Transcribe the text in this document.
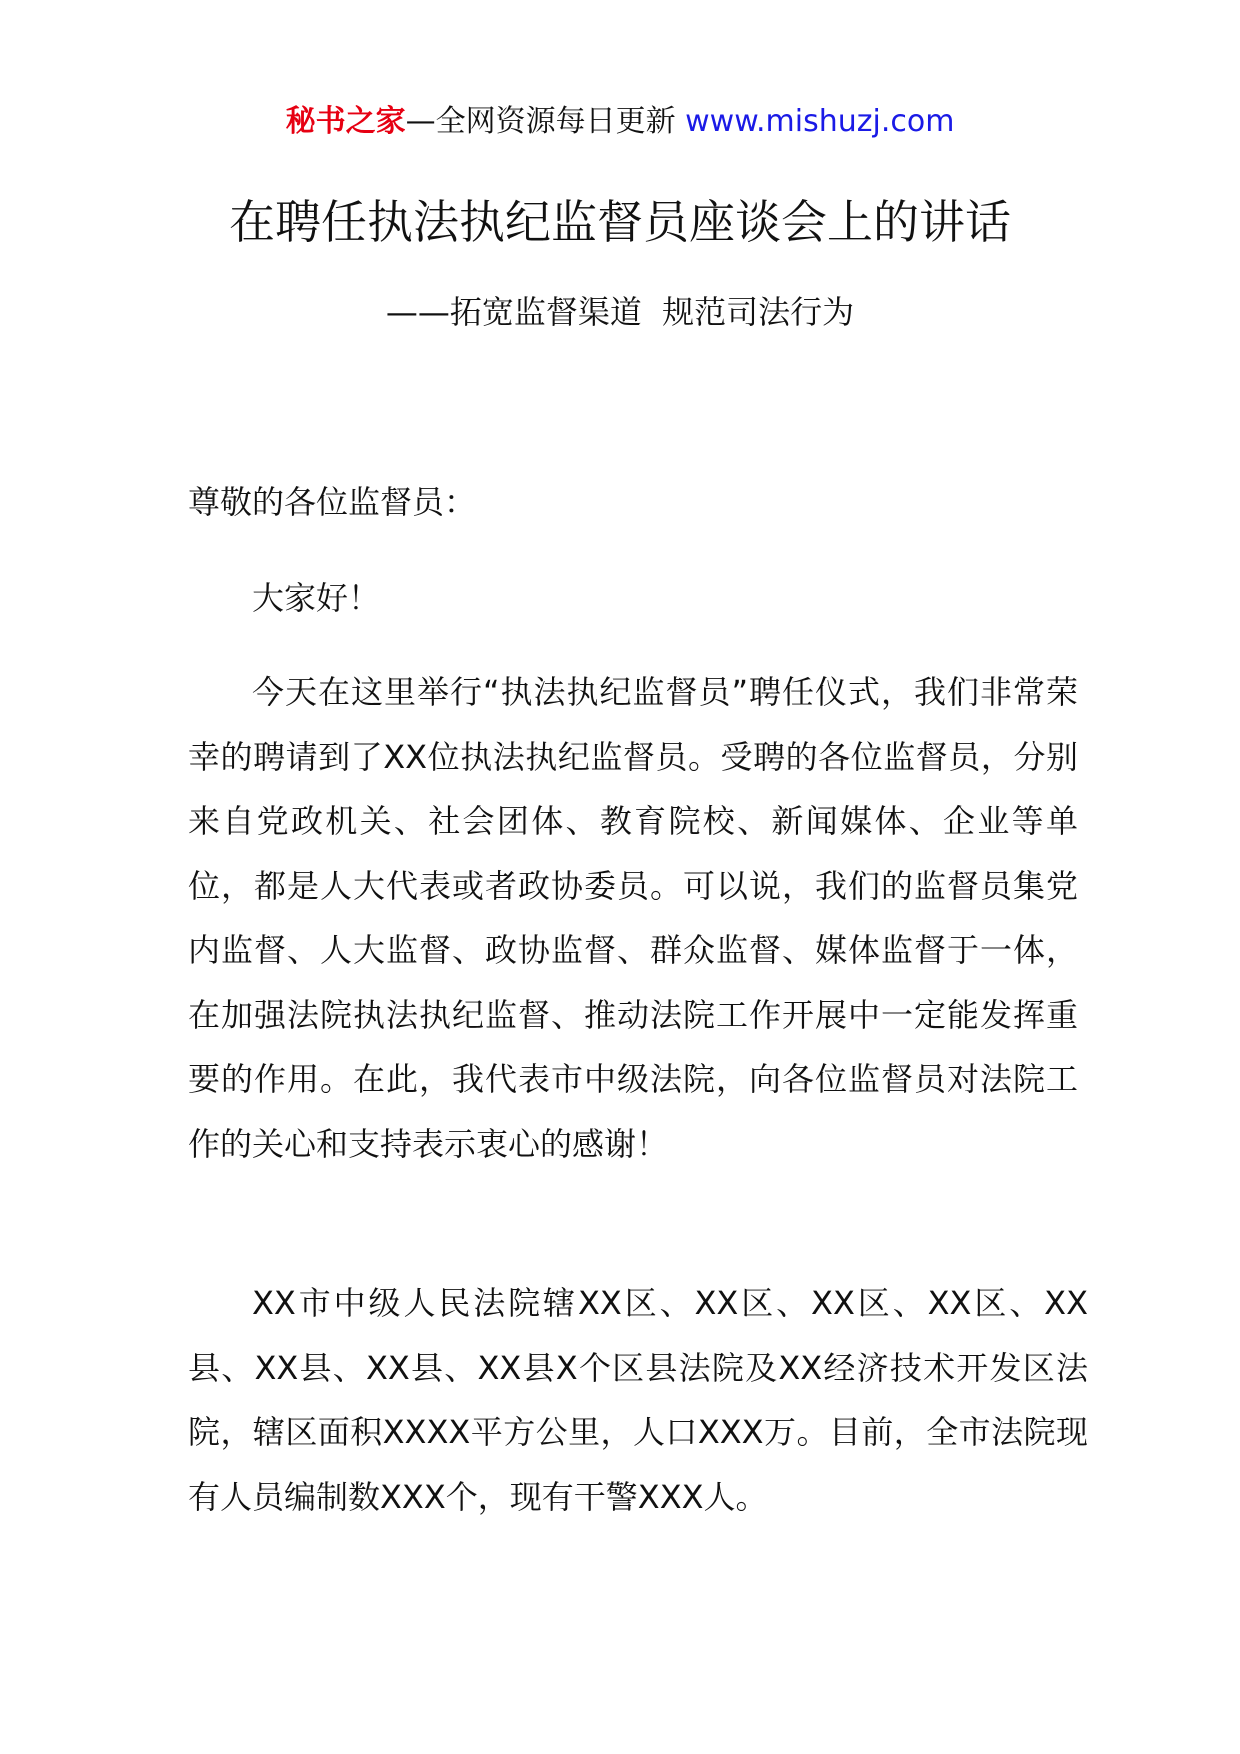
秘书之家—全网资源每日更新 www.mishuzj.com
在聘任执法执纪监督员座谈会上的讲话
——拓宽监督渠道  规范司法行为
尊敬的各位监督员：
大家好！
今天在这里举行“执法执纪监督员”聘任仪式，我们非常荣幸的聘请到了XX位执法执纪监督员。受聘的各位监督员，分别来自党政机关、社会团体、教育院校、新闻媒体、企业等单位，都是人大代表或者政协委员。可以说，我们的监督员集党内监督、人大监督、政协监督、群众监督、媒体监督于一体，在加强法院执法执纪监督、推动法院工作开展中一定能发挥重要的作用。在此，我代表市中级法院，向各位监督员对法院工作的关心和支持表示衷心的感谢！
XX市中级人民法院辖XX区、XX区、XX区、XX区、XX县、XX县、XX县、XX县X个区县法院及XX经济技术开发区法院，辖区面积XXXX平方公里，人口XXX万。目前，全市法院现有人员编制数XXX个，现有干警XXX人。
